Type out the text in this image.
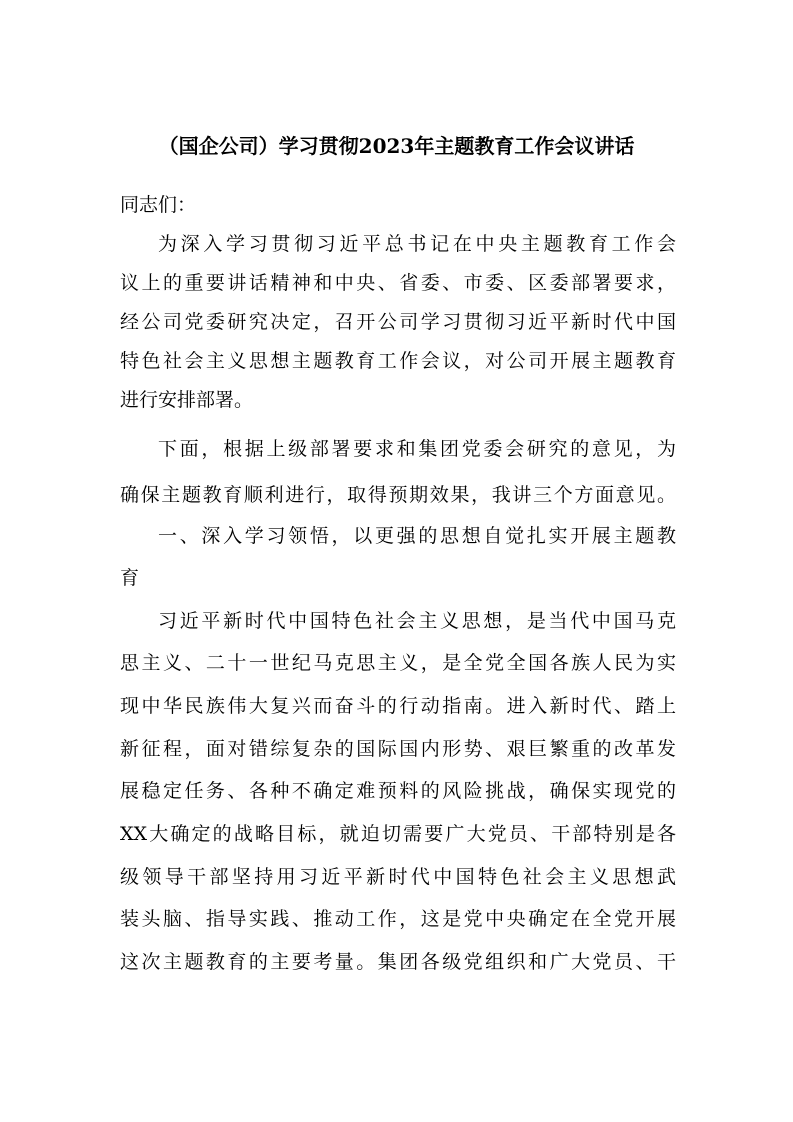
（国企公司）学习贯彻2023年主题教育工作会议讲话
同志们：
为深入学习贯彻习近平总书记在中央主题教育工作会
议上的重要讲话精神和中央、省委、市委、区委部署要求，
经公司党委研究决定，召开公司学习贯彻习近平新时代中国
特色社会主义思想主题教育工作会议，对公司开展主题教育
进行安排部署。
下面，根据上级部署要求和集团党委会研究的意见，为
确保主题教育顺利进行，取得预期效果，我讲三个方面意见。
一、深入学习领悟，以更强的思想自觉扎实开展主题教
育
习近平新时代中国特色社会主义思想，是当代中国马克
思主义、二十一世纪马克思主义，是全党全国各族人民为实
现中华民族伟大复兴而奋斗的行动指南。进入新时代、踏上
新征程，面对错综复杂的国际国内形势、艰巨繁重的改革发
展稳定任务、各种不确定难预料的风险挑战，确保实现党的
XX大确定的战略目标，就迫切需要广大党员、干部特别是各
级领导干部坚持用习近平新时代中国特色社会主义思想武
装头脑、指导实践、推动工作，这是党中央确定在全党开展
这次主题教育的主要考量。集团各级党组织和广大党员、干
